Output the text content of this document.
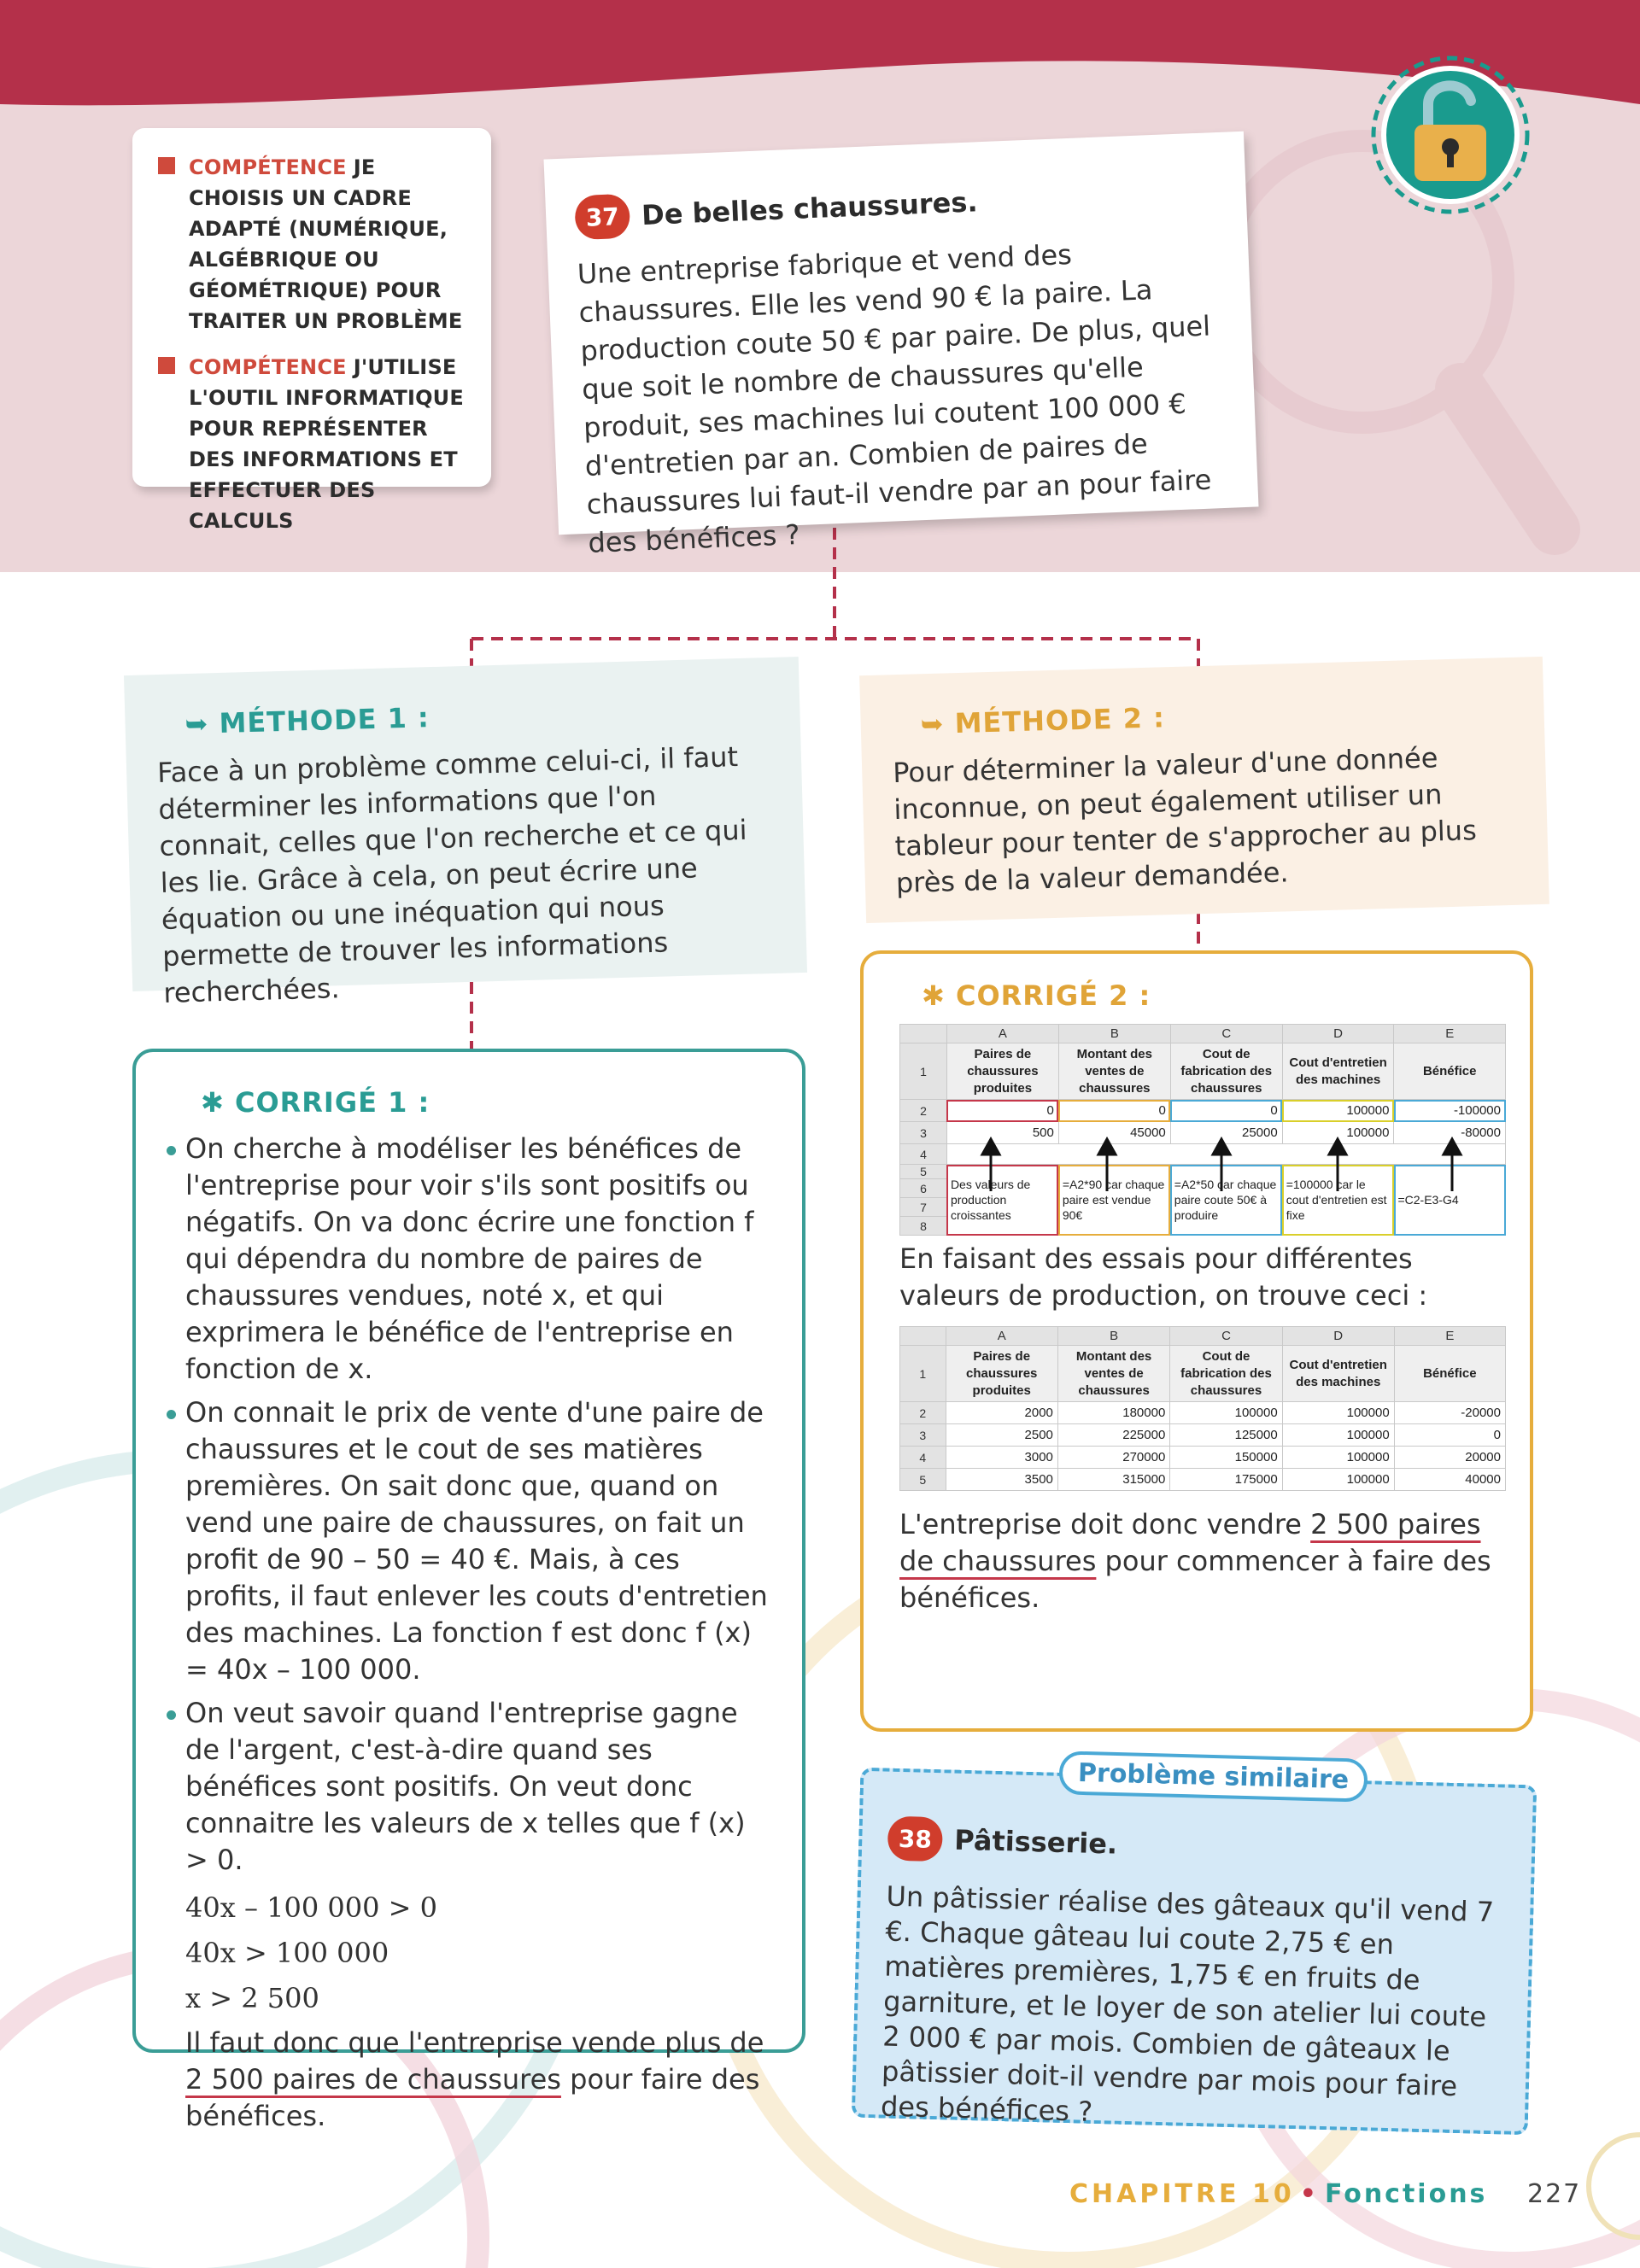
COMPÉTENCE JE CHOISIS UN CADRE ADAPTÉ (NUMÉRIQUE, ALGÉBRIQUE OU GÉOMÉTRIQUE) POUR TRAITER UN PROBLÈME
COMPÉTENCE J'UTILISE L'OUTIL INFORMATIQUE POUR REPRÉSENTER DES INFORMATIONS ET EFFECTUER DES CALCULS
37 De belles chaussures.

Une entreprise fabrique et vend des chaussures. Elle les vend 90 € la paire. La production coute 50 € par paire. De plus, quel que soit le nombre de chaussures qu'elle produit, ses machines lui coutent 100 000 € d'entretien par an. Combien de paires de chaussures lui faut-il vendre par an pour faire des bénéfices ?

➥ MÉTHODE 1 :

Face à un problème comme celui-ci, il faut déterminer les informations que l'on connait, celles que l'on recherche et ce qui les lie. Grâce à cela, on peut écrire une équation ou une inéquation qui nous permette de trouver les informations recherchées.

➥ MÉTHODE 2 :

Pour déterminer la valeur d'une donnée inconnue, on peut également utiliser un tableur pour tenter de s'approcher au plus près de la valeur demandée.

✱ CORRIGÉ 1 :

On cherche à modéliser les bénéfices de l'entreprise pour voir s'ils sont positifs ou négatifs. On va donc écrire une fonction f qui dépendra du nombre de paires de chaussures vendues, noté x, et qui exprimera le bénéfice de l'entreprise en fonction de x.

On connait le prix de vente d'une paire de chaussures et le cout de ses matières premières. On sait donc que, quand on vend une paire de chaussures, on fait un profit de 90 – 50 = 40 €. Mais, à ces profits, il faut enlever les couts d'entretien des machines. La fonction f est donc f (x) = 40x – 100 000.

On veut savoir quand l'entreprise gagne de l'argent, c'est-à-dire quand ses bénéfices sont positifs. On veut donc connaitre les valeurs de x telles que f (x) > 0.

40x – 100 000 > 0
40x > 100 000
x > 2 500

Il faut donc que l'entreprise vende plus de 2 500 paires de chaussures pour faire des bénéfices.

✱ CORRIGÉ 2 :
	A	B	C	D	E
1	Paires de chaussures produites	Montant des ventes de chaussures	Cout de fabrication des chaussures	Cout d'entretien des machines	Bénéfice
2	0	0	0	100000	-100000
3	500	45000	25000	100000	-80000
4					
5	Des valeurs de production croissantes	=A2*90 car chaque paire est vendue 90€	=A2*50 car chaque paire coute 50€ à produire	=100000 car le cout d'entretien est fixe	=C2-E3-G4
6					
7					
8					

En faisant des essais pour différentes valeurs de production, on trouve ceci :

	A	B	C	D	E
1	Paires de chaussures produites	Montant des ventes de chaussures	Cout de fabrication des chaussures	Cout d'entretien des machines	Bénéfice
2	2000	180000	100000	100000	-20000
3	2500	225000	125000	100000	0
4	3000	270000	150000	100000	20000
5	3500	315000	175000	100000	40000

L'entreprise doit donc vendre 2 500 paires de chaussures pour commencer à faire des bénéfices.

38 Pâtisserie.

Un pâtissier réalise des gâteaux qu'il vend 7 €. Chaque gâteau lui coute 2,75 € en matières premières, 1,75 € en fruits de garniture, et le loyer de son atelier lui coute 2 000 € par mois. Combien de gâteaux le pâtissier doit-il vendre par mois pour faire des bénéfices ?

Problème similaire
CHAPITRE 10 • Fonctions 227
